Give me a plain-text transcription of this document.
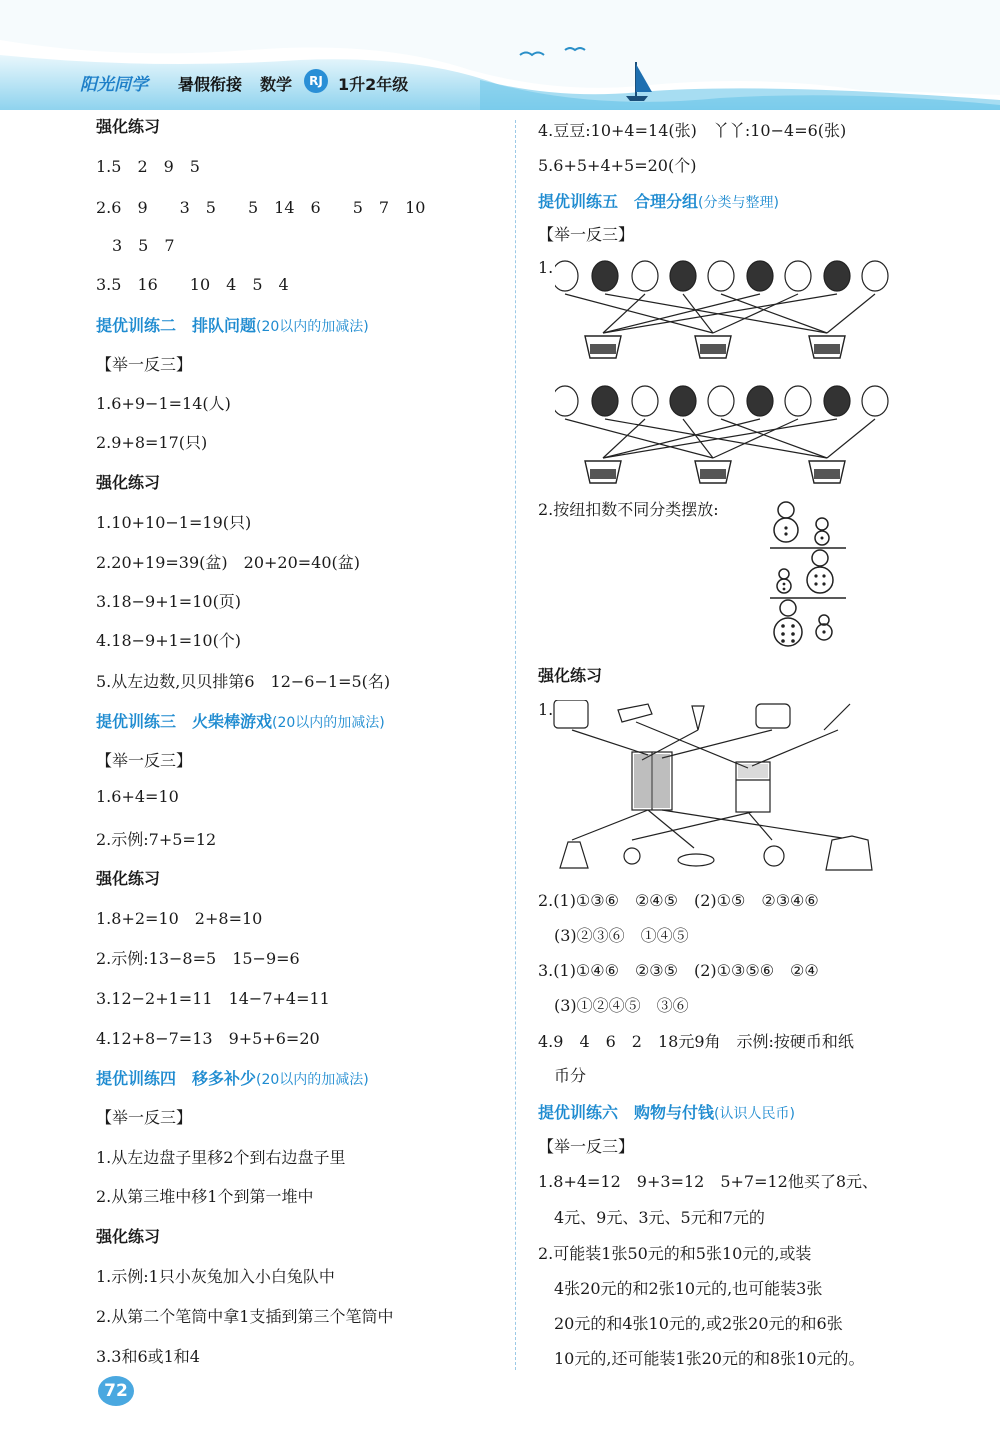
阳光同学 暑假衔接 数学	RJ 1升2年级
强化练习
1.5　2　9　5
2.6　9　　3　5　　5　14　6　　5　7　10
　3　5　7
3.5　16　　10　4　5　4
提优训练二　排队问题(20以内的加减法)
【举一反三】
1.6+9−1=14(人)
2.9+8=17(只)
强化练习
1.10+10−1=19(只)
2.20+19=39(盆)　20+20=40(盆)
3.18−9+1=10(页)
4.18−9+1=10(个)
5.从左边数,贝贝排第6　12−6−1=5(名)
提优训练三　火柴棒游戏(20以内的加减法)
【举一反三】
1.6+4=10
2.示例:7+5=12
强化练习
1.8+2=10　2+8=10
2.示例:13−8=5　15−9=6
3.12−2+1=11　14−7+4=11
4.12+8−7=13　9+5+6=20
提优训练四　移多补少(20以内的加减法)
【举一反三】
1.从左边盘子里移2个到右边盘子里
2.从第三堆中移1个到第一堆中
强化练习
1.示例:1只小灰兔加入小白兔队中
2.从第二个笔筒中拿1支插到第三个笔筒中
3.3和6或1和4
4.豆豆:10+4=14(张)　丫丫:10−4=6(张)
5.6+5+4+5=20(个)
提优训练五　合理分组(分类与整理)
【举一反三】
1.
2.按纽扣数不同分类摆放:
强化练习
1.
2.(1)①③⑥　②④⑤　(2)①⑤　②③④⑥
　(3)②③⑥　①④⑤
3.(1)①④⑥　②③⑤　(2)①③⑤⑥　②④
　(3)①②④⑤　③⑥
4.9　4　6　2　18元9角　示例:按硬币和纸
　币分
提优训练六　购物与付钱(认识人民币)
【举一反三】
1.8+4=12　9+3=12　5+7=12他买了8元、
　4元、9元、3元、5元和7元的
2.可能装1张50元的和5张10元的,或装
　4张20元的和2张10元的,也可能装3张
　20元的和4张10元的,或2张20元的和6张
　10元的,还可能装1张20元的和8张10元的。
72
